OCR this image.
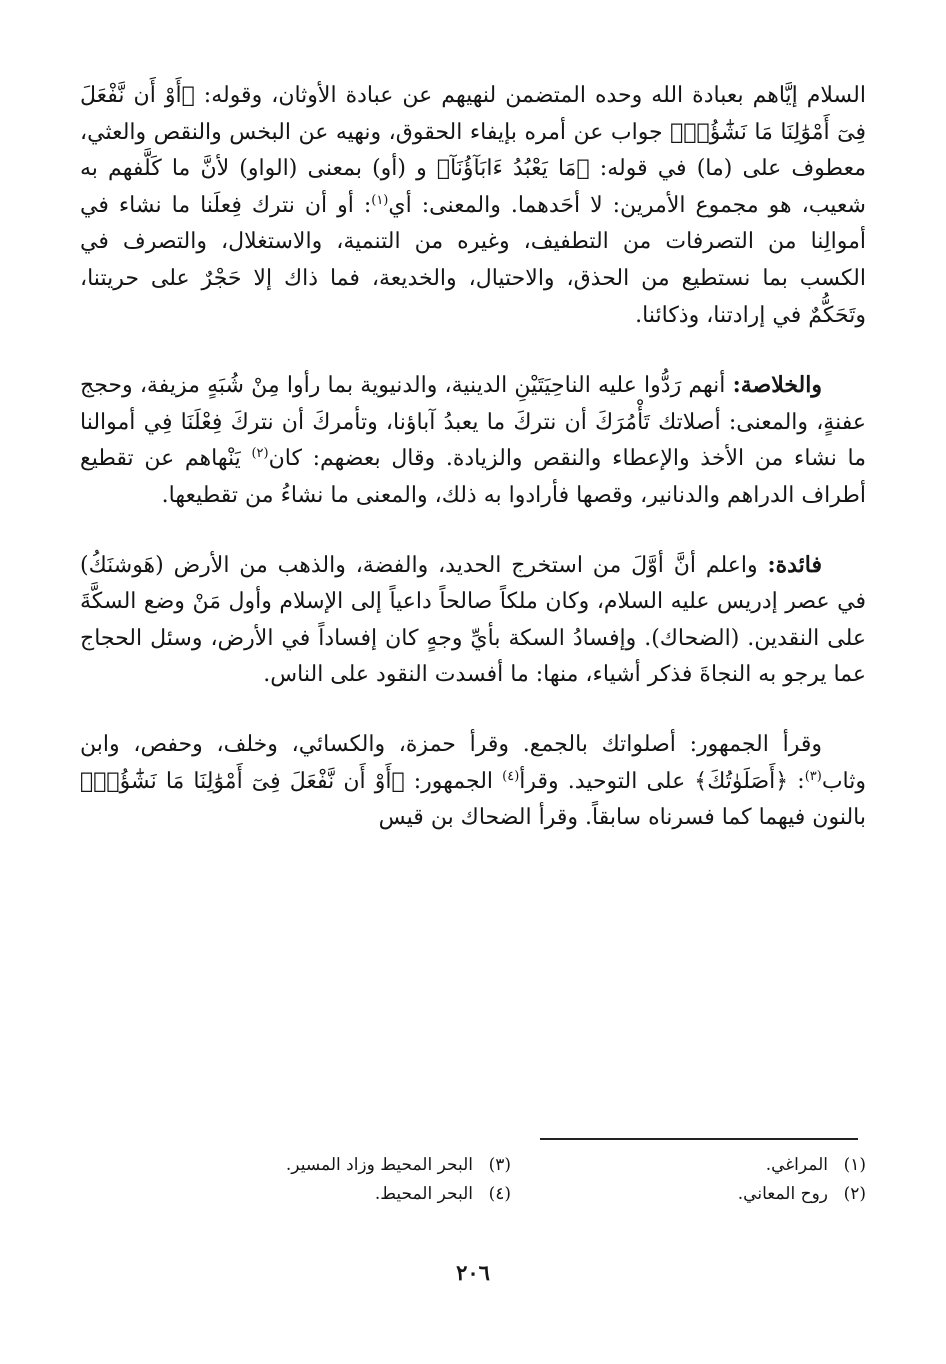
السلام إيَّاهم بعبادة الله وحده المتضمن لنهيهم عن عبادة الأوثان، وقوله: ﴿أَوْ أَن نَّفْعَلَ فِىٓ أَمْوَٰلِنَا مَا نَشَٰٓؤُا۟﴾ جواب عن أمره بإيفاء الحقوق، ونهيه عن البخس والنقص والعثي، معطوف على (ما) في قوله: ﴿مَا يَعْبُدُ ءَابَآؤُنَآ﴾ و (أو) بمعنى (الواو) لأنَّ ما كَلَّفهم به شعيب، هو مجموع الأمرين: لا أحَدهما. والمعنى: أي$^{(١)}$: أو أن نترك فِعلَنا ما نشاء في أموالِنا من التصرفات من التطفيف، وغيره من التنمية، والاستغلال، والتصرف في الكسب بما نستطيع من الحذق، والاحتيال، والخديعة، فما ذاك إلا حَجْرٌ على حريتنا، وتَحَكُّمٌ في إرادتنا، وذكائنا.

والخلاصة: أنهم رَدُّوا عليه الناحِيَتَيْنِ الدينية، والدنيوية بما رأوا مِنْ شُبَهٍ مزيفة، وحجج عفنةٍ، والمعنى: أصلاتك تَأْمُرَكَ أن نتركَ ما يعبدُ آباؤنا، وتأمركَ أن نتركَ فِعْلَنَا فِي أموالنا ما نشاء من الأخذ والإعطاء والنقص والزيادة. وقال بعضهم: كان$^{(٢)}$ يَنْهاهم عن تقطيع أطراف الدراهم والدنانير، وقصها فأرادوا به ذلك، والمعنى ما نشاءُ من تقطيعها.

فائدة: واعلم أنَّ أوَّلَ من استخرج الحديد، والفضة، والذهب من الأرض (هَوشنَكُ) في عصر إدريس عليه السلام، وكان ملكاً صالحاً داعياً إلى الإسلام وأول مَنْ وضع السكَّةَ على النقدين. (الضحاك). وإفسادُ السكة بأيِّ وجهٍ كان إفساداً في الأرض، وسئل الحجاج عما يرجو به النجاةَ فذكر أشياء، منها: ما أفسدت النقود على الناس.

وقرأ الجمهور: أصلواتك بالجمع. وقرأ حمزة، والكسائي، وخلف، وحفص، وابن وثاب$^{(٣)}$: ﴿أَصَلَوٰتُكَ﴾ على التوحيد. وقرأ$^{(٤)}$ الجمهور: ﴿أَوْ أَن نَّفْعَلَ فِىٓ أَمْوَٰلِنَا مَا نَشَٰٓؤُا۟﴾ بالنون فيهما كما فسرناه سابقاً. وقرأ الضحاك بن قيس

(١)المراغي.
(٣)البحر المحيط وزاد المسير.
(٢)روح المعاني.
(٤)البحر المحيط.
٢٠٦
